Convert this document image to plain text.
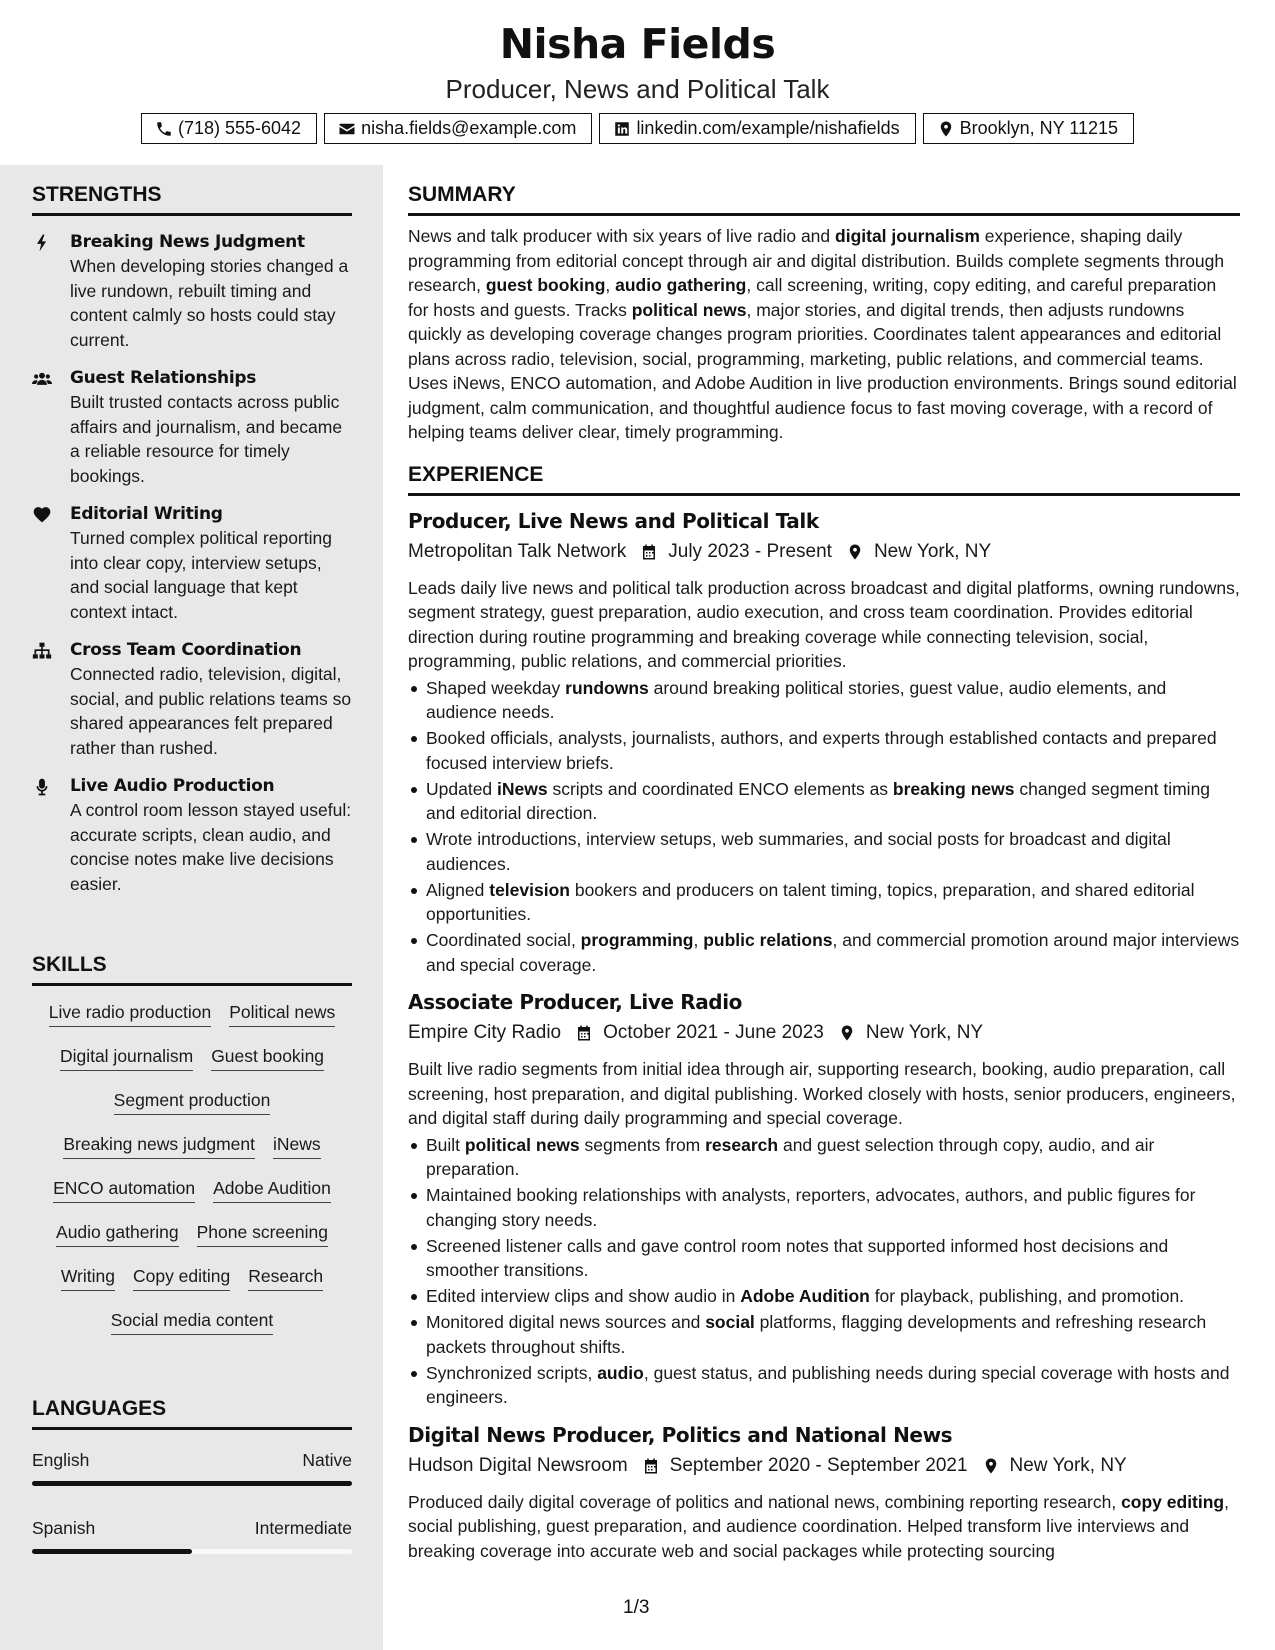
Nisha Fields
Producer, News and Political Talk
(718) 555-6042	nisha.fields@example.com	linkedin.com/example/nishafields	Brooklyn, NY 11215
STRENGTHS
Breaking News Judgment
When developing stories changed a live rundown, rebuilt timing and content calmly so hosts could stay current.
Guest Relationships
Built trusted contacts across public affairs and journalism, and became a reliable resource for timely bookings.
Editorial Writing
Turned complex political reporting into clear copy, interview setups, and social language that kept context intact.
Cross Team Coordination
Connected radio, television, digital, social, and public relations teams so shared appearances felt prepared rather than rushed.
Live Audio Production
A control room lesson stayed useful: accurate scripts, clean audio, and concise notes make live decisions easier.
SKILLS
Live radio production Political news
Digital journalism Guest booking
Segment production
Breaking news judgment iNews
ENCO automation Adobe Audition
Audio gathering Phone screening
Writing Copy editing Research
Social media content
LANGUAGES
English	Native
Spanish	Intermediate
SUMMARY
News and talk producer with six years of live radio and digital journalism experience, shaping daily programming from editorial concept through air and digital distribution. Builds complete segments through research, guest booking, audio gathering, call screening, writing, copy editing, and careful preparation for hosts and guests. Tracks political news, major stories, and digital trends, then adjusts rundowns quickly as developing coverage changes program priorities. Coordinates talent appearances and editorial plans across radio, television, social, programming, marketing, public relations, and commercial teams. Uses iNews, ENCO automation, and Adobe Audition in live production environments. Brings sound editorial judgment, calm communication, and thoughtful audience focus to fast moving coverage, with a record of helping teams deliver clear, timely programming.
EXPERIENCE
Producer, Live News and Political Talk
Metropolitan Talk Network July 2023 - Present New York, NY
Leads daily live news and political talk production across broadcast and digital platforms, owning rundowns, segment strategy, guest preparation, audio execution, and cross team coordination. Provides editorial direction during routine programming and breaking coverage while connecting television, social, programming, public relations, and commercial priorities.
Shaped weekday rundowns around breaking political stories, guest value, audio elements, and audience needs.
Booked officials, analysts, journalists, authors, and experts through established contacts and prepared focused interview briefs.
Updated iNews scripts and coordinated ENCO elements as breaking news changed segment timing and editorial direction.
Wrote introductions, interview setups, web summaries, and social posts for broadcast and digital audiences.
Aligned television bookers and producers on talent timing, topics, preparation, and shared editorial opportunities.
Coordinated social, programming, public relations, and commercial promotion around major interviews and special coverage.
Associate Producer, Live Radio
Empire City Radio October 2021 - June 2023 New York, NY
Built live radio segments from initial idea through air, supporting research, booking, audio preparation, call screening, host preparation, and digital publishing. Worked closely with hosts, senior producers, engineers, and digital staff during daily programming and special coverage.
Built political news segments from research and guest selection through copy, audio, and air preparation.
Maintained booking relationships with analysts, reporters, advocates, authors, and public figures for changing story needs.
Screened listener calls and gave control room notes that supported informed host decisions and smoother transitions.
Edited interview clips and show audio in Adobe Audition for playback, publishing, and promotion.
Monitored digital news sources and social platforms, flagging developments and refreshing research packets throughout shifts.
Synchronized scripts, audio, guest status, and publishing needs during special coverage with hosts and engineers.
Digital News Producer, Politics and National News
Hudson Digital Newsroom September 2020 - September 2021 New York, NY
Produced daily digital coverage of politics and national news, combining reporting research, copy editing, social publishing, guest preparation, and audience coordination. Helped transform live interviews and breaking coverage into accurate web and social packages while protecting sourcing
1/3
